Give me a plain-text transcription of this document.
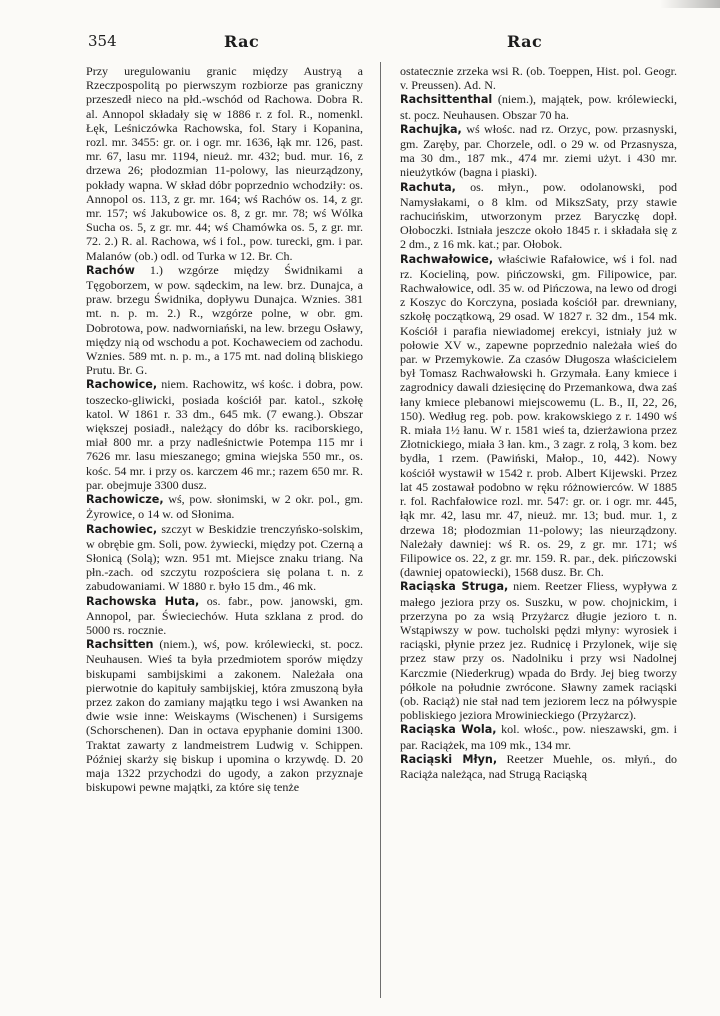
354	Rac	Rac

Przy uregulowaniu granic między Austryą a Rzeczpospolitą po pierwszym rozbiorze pas graniczny przeszedł nieco na płd.-wschód od Rachowa. Dobra R. al. Annopol składały się w 1886 r. z fol. R., nomenkl. Łęk, Leśniczówka Rachowska, fol. Stary i Kopanina, rozl. mr. 3455: gr. or. i ogr. mr. 1636, łąk mr. 126, past. mr. 67, lasu mr. 1194, nieuż. mr. 432; bud. mur. 16, z drzewa 26; płodozmian 11-polowy, las nieurządzony, pokłady wapna. W skład dóbr poprzednio wchodziły: os. Annopol os. 113, z gr. mr. 164; wś Rachów os. 14, z gr. mr. 157; wś Jakubowice os. 8, z gr. mr. 78; wś Wólka Sucha os. 5, z gr. mr. 44; wś Chamówka os. 5, z gr. mr. 72. 2.) R. al. Rachowa, wś i fol., pow. turecki, gm. i par. Malanów (ob.) odl. od Turka w 12. Br. Ch.

Rachów 1.) wzgórze między Świdnikami a Tęgoborzem, w pow. sądeckim, na lew. brz. Dunajca, a praw. brzegu Świdnika, dopływu Dunajca. Wznies. 381 mt. n. p. m. 2.) R., wzgórze polne, w obr. gm. Dobrotowa, pow. nadworniański, na lew. brzegu Osławy, między nią od wschodu a pot. Kochaweciem od zachodu. Wznies. 589 mt. n. p. m., a 175 mt. nad doliną bliskiego Prutu. Br. G.

Rachowice, niem. Rachowitz, wś kośc. i dobra, pow. toszecko-gliwicki, posiada kościół par. katol., szkołę katol. W 1861 r. 33 dm., 645 mk. (7 ewang.). Obszar większej posiadł., należący do dóbr ks. raciborskiego, miał 800 mr. a przy nadleśnictwie Potempa 115 mr i 7626 mr. lasu mieszanego; gmina wiejska 550 mr., os. kośc. 54 mr. i przy os. karczem 46 mr.; razem 650 mr. R. par. obejmuje 3300 dusz.

Rachowicze, wś, pow. słonimski, w 2 okr. pol., gm. Żyrowice, o 14 w. od Słonima.

Rachowiec, szczyt w Beskidzie trenczyńsko-solskim, w obrębie gm. Soli, pow. żywiecki, między pot. Czerną a Słonicą (Solą); wzn. 951 mt. Miejsce znaku triang. Na płn.-zach. od szczytu rozpościera się polana t. n. z zabudowaniami. W 1880 r. było 15 dm., 46 mk.

Rachowska Huta, os. fabr., pow. janowski, gm. Annopol, par. Świeciechów. Huta szklana z prod. do 5000 rs. rocznie.

Rachsitten (niem.), wś, pow. królewiecki, st. pocz. Neuhausen. Wieś ta była przedmiotem sporów między biskupami sambijskimi a zakonem. Należała ona pierwotnie do kapituły sambijskiej, która zmuszoną była przez zakon do zamiany majątku tego i wsi Awanken na dwie wsie inne: Weiskayms (Wischenen) i Sursigems (Schorschenen). Dan in octava epyphanie domini 1300. Traktat zawarty z landmeistrem Ludwig v. Schippen. Później skarży się biskup i upomina o krzywdę. D. 20 maja 1322 przychodzi do ugody, a zakon przyznaje biskupowi pewne majątki, za które się tenże

ostatecznie zrzeka wsi R. (ob. Toeppen, Hist. pol. Geogr. v. Preussen). Ad. N.

Rachsittenthal (niem.), majątek, pow. królewiecki, st. pocz. Neuhausen. Obszar 70 ha.

Rachujka, wś włośc. nad rz. Orzyc, pow. przasnyski, gm. Zaręby, par. Chorzele, odl. o 29 w. od Przasnysza, ma 30 dm., 187 mk., 474 mr. ziemi użyt. i 430 mr. nieużytków (bagna i piaski).

Rachuta, os. młyn., pow. odolanowski, pod Namysłakami, o 8 klm. od MikszSaty, przy stawie rachucińskim, utworzonym przez Baryczkę dopł. Ołoboczki. Istniała jeszcze około 1845 r. i składała się z 2 dm., z 16 mk. kat.; par. Ołobok.

Rachwałowice, właściwie Rafałowice, wś i fol. nad rz. Kocieliną, pow. pińczowski, gm. Filipowice, par. Rachwałowice, odl. 35 w. od Pińczowa, na lewo od drogi z Koszyc do Korczyna, posiada kościół par. drewniany, szkołę początkową, 29 osad. W 1827 r. 32 dm., 154 mk. Kościół i parafia niewiadomej erekcyi, istniały już w połowie XV w., zapewne poprzednio należała wieś do par. w Przemykowie. Za czasów Długosza właścicielem był Tomasz Rachwałowski h. Grzymała. Łany kmiece i zagrodnicy dawali dziesięcinę do Przemankowa, dwa zaś łany kmiece plebanowi miejscowemu (L. B., II, 22, 26, 150). Według reg. pob. pow. krakowskiego z r. 1490 wś R. miała 1½ łanu. W r. 1581 wieś ta, dzierżawiona przez Złotnickiego, miała 3 łan. km., 3 zagr. z rolą, 3 kom. bez bydła, 1 rzem. (Pawiński, Małop., 10, 442). Nowy kościół wystawił w 1542 r. prob. Albert Kijewski. Przez lat 45 zostawał podobno w ręku różnowierców. W 1885 r. fol. Rachfałowice rozl. mr. 547: gr. or. i ogr. mr. 445, łąk mr. 42, lasu mr. 47, nieuż. mr. 13; bud. mur. 1, z drzewa 18; płodozmian 11-polowy; las nieurządzony. Należały dawniej: wś R. os. 29, z gr. mr. 171; wś Filipowice os. 22, z gr. mr. 159. R. par., dek. pińczowski (dawniej opatowiecki), 1568 dusz. Br. Ch.

Raciąska Struga, niem. Reetzer Fliess, wypływa z małego jeziora przy os. Suszku, w pow. chojnickim, i przerzyna po za wsią Przyżarcz długie jezioro t. n. Wstąpiwszy w pow. tucholski pędzi młyny: wyrosiek i raciąski, płynie przez jez. Rudnicę i Przylonek, wije się przez staw przy os. Nadolniku i przy wsi Nadolnej Karczmie (Niederkrug) wpada do Brdy. Jej bieg tworzy półkole na południe zwrócone. Sławny zamek raciąski (ob. Raciąż) nie stał nad tem jeziorem lecz na półwyspie pobliskiego jeziora Mrowinieckiego (Przyżarcz).

Raciąska Wola, kol. włośc., pow. nieszawski, gm. i par. Raciążek, ma 109 mk., 134 mr.

Raciąski Młyn, Reetzer Muehle, os. młyń., do Raciąża należąca, nad Strugą Raciąską
